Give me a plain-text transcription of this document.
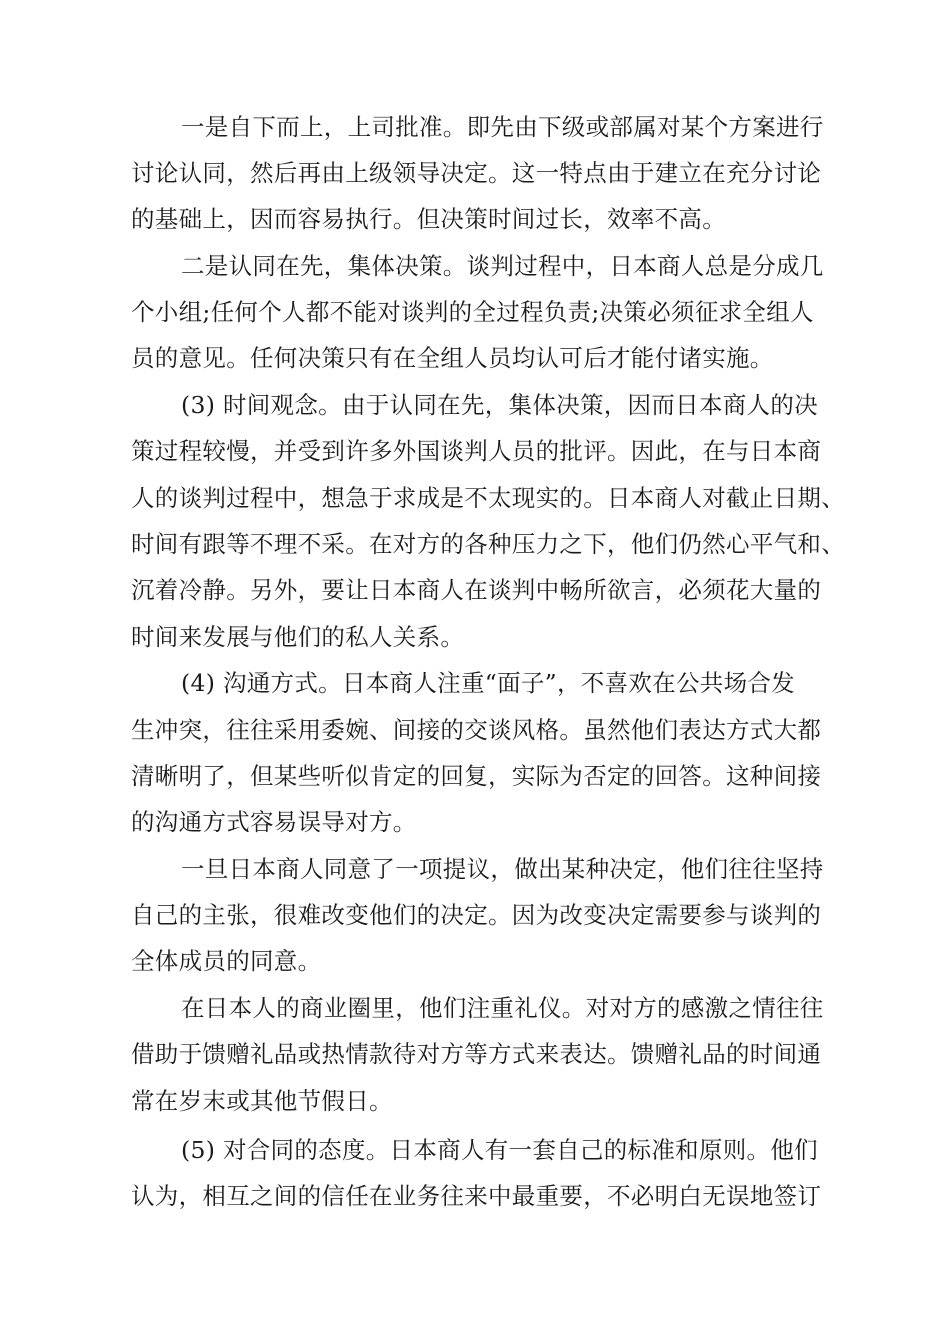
一是自下而上，上司批准。即先由下级或部属对某个方案进行
讨论认同，然后再由上级领导决定。这一特点由于建立在充分讨论
的基础上，因而容易执行。但决策时间过长，效率不高。
二是认同在先，集体决策。谈判过程中，日本商人总是分成几
个小组;任何个人都不能对谈判的全过程负责;决策必须征求全组人
员的意见。任何决策只有在全组人员均认可后才能付诸实施。
(3) 时间观念。由于认同在先，集体决策，因而日本商人的决
策过程较慢，并受到许多外国谈判人员的批评。因此，在与日本商
人的谈判过程中，想急于求成是不太现实的。日本商人对截止日期、
时间有跟等不理不采。在对方的各种压力之下，他们仍然心平气和、
沉着冷静。另外，要让日本商人在谈判中畅所欲言，必须花大量的
时间来发展与他们的私人关系。
(4) 沟通方式。日本商人注重“面子”，不喜欢在公共场合发
生冲突，往往采用委婉、间接的交谈风格。虽然他们表达方式大都
清晰明了，但某些听似肯定的回复，实际为否定的回答。这种间接
的沟通方式容易误导对方。
一旦日本商人同意了一项提议，做出某种决定，他们往往坚持
自己的主张，很难改变他们的决定。因为改变决定需要参与谈判的
全体成员的同意。
在日本人的商业圈里，他们注重礼仪。对对方的感激之情往往
借助于馈赠礼品或热情款待对方等方式来表达。馈赠礼品的时间通
常在岁末或其他节假日。
(5) 对合同的态度。日本商人有一套自己的标准和原则。他们
认为，相互之间的信任在业务往来中最重要，不必明白无误地签订
